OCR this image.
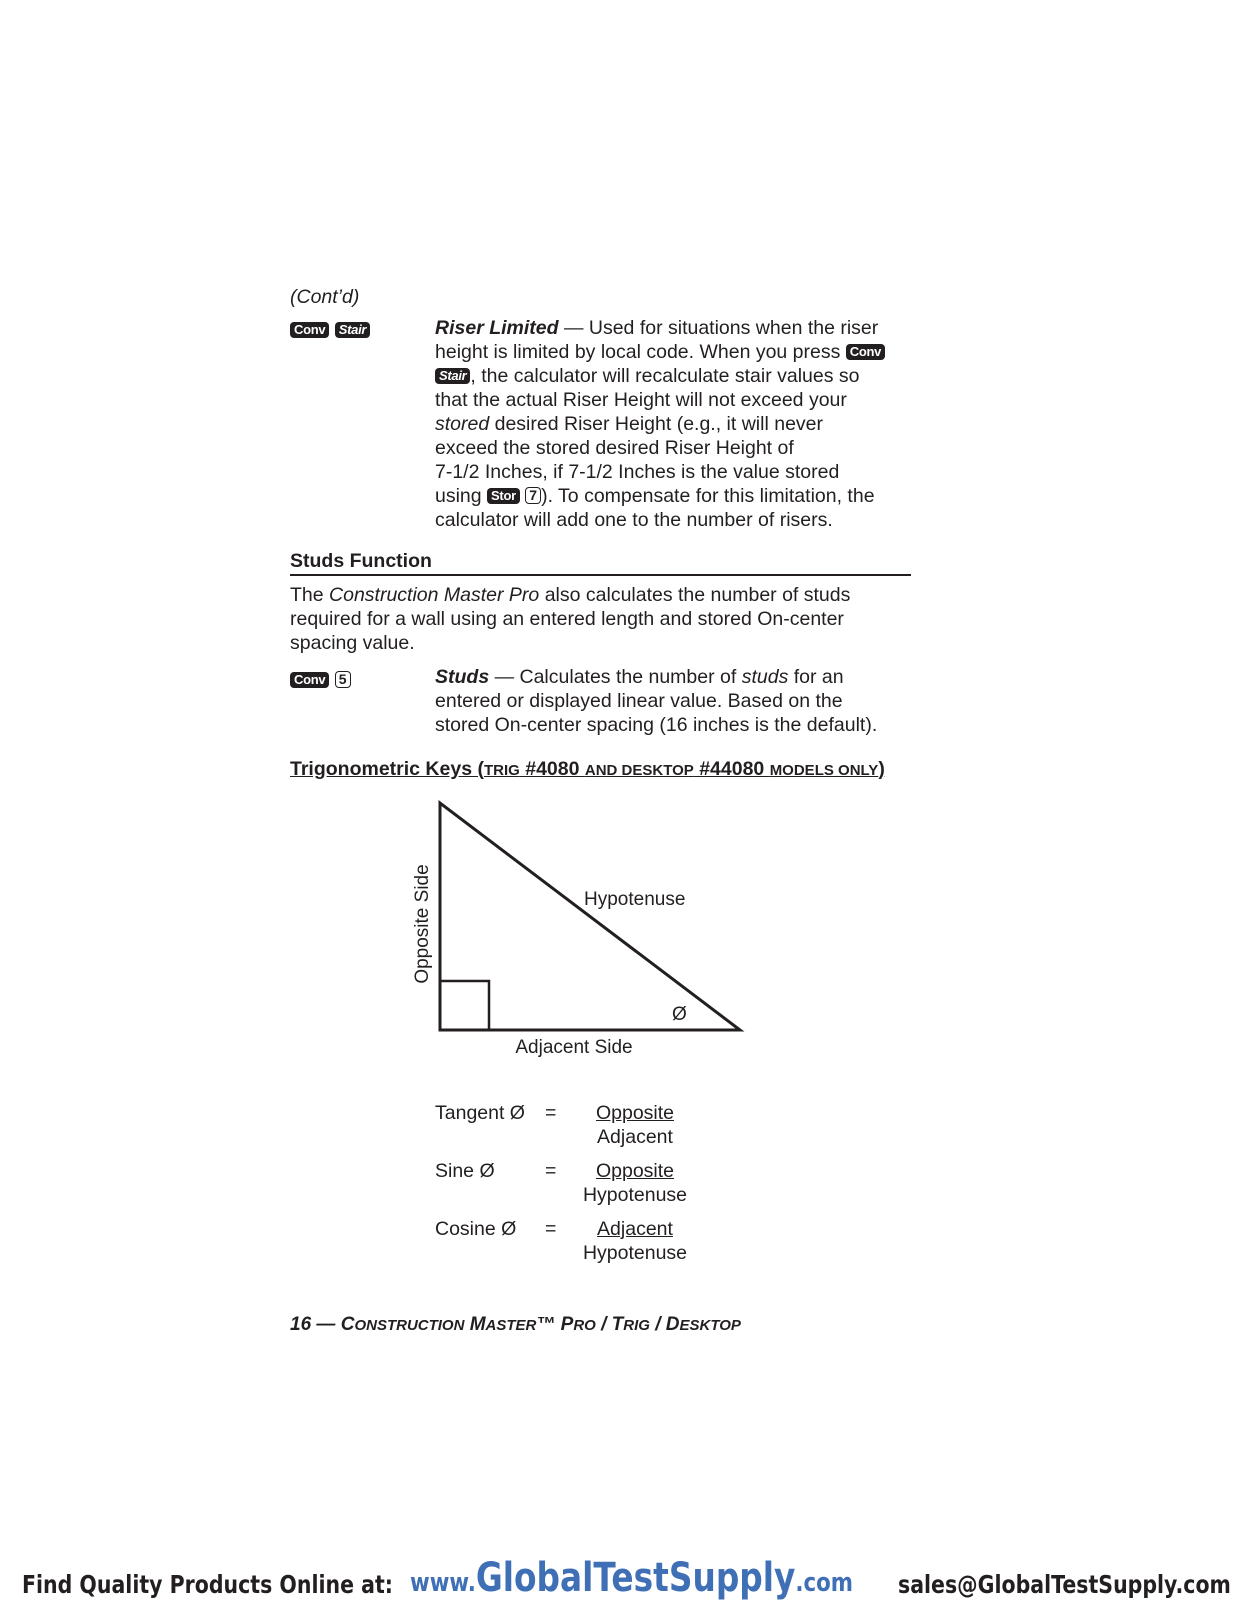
(Cont’d)
Conv Stair	Riser Limited — Used for situations when the riser
height is limited by local code. When you press Conv
Stair , the calculator will recalculate stair values so
that the actual Riser Height will not exceed your
stored desired Riser Height (e.g., it will never
exceed the stored desired Riser Height of
7-1/2 Inches, if 7-1/2 Inches is the value stored
using Stor 7 ). To compensate for this limitation, the
calculator will add one to the number of risers.
Studs Function
The Construction Master Pro also calculates the number of studs
required for a wall using an entered length and stored On-center
spacing value.
Conv 5	Studs — Calculates the number of studs for an
entered or displayed linear value. Based on the
stored On-center spacing (16 inches is the default).
Trigonometric Keys (TRIG #4080 AND DESKTOP #44080 MODELS ONLY)
Opposite Side	Hypotenuse
Ø
Adjacent Side
Tangent Ø =	Opposite
Adjacent
Sine Ø	=	Opposite
Hypotenuse
Cosine Ø =	Adjacent
Hypotenuse
16 — CONSTRUCTION MASTER™ PRO / TRIG / DESKTOP
Find Quality Products Online at: www.GlobalTestSupply.com sales@GlobalTestSupply.com
